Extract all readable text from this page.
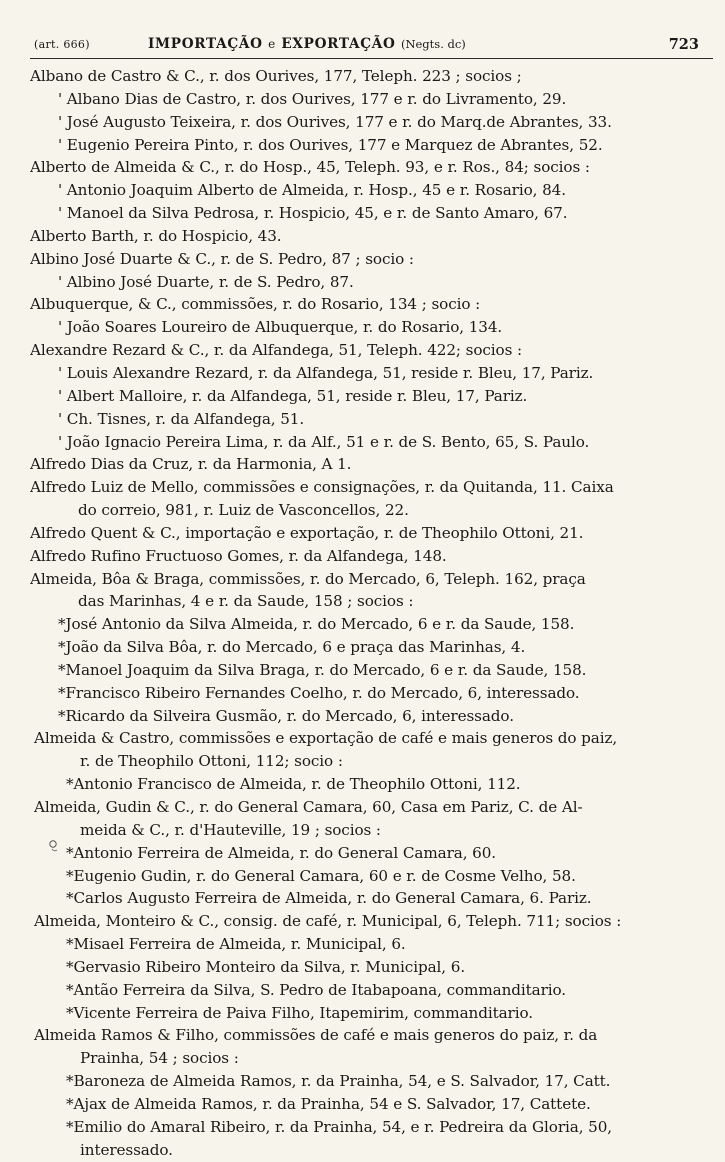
(art. 666)	IMPORTAÇÃO e EXPORTAÇÃO (Negts. dc)	723
Albano de Castro & C., r. dos Ourives, 177, Teleph. 223 ; socios ;
' Albano Dias de Castro, r. dos Ourives, 177 e r. do Livramento, 29.
' José Augusto Teixeira, r. dos Ourives, 177 e r. do Marq.de Abrantes, 33.
' Eugenio Pereira Pinto, r. dos Ourives, 177 e Marquez de Abrantes, 52.
Alberto de Almeida & C., r. do Hosp., 45, Teleph. 93, e r. Ros., 84; socios :
' Antonio Joaquim Alberto de Almeida, r. Hosp., 45 e r. Rosario, 84.
' Manoel da Silva Pedrosa, r. Hospicio, 45, e r. de Santo Amaro, 67.
Alberto Barth, r. do Hospicio, 43.
Albino José Duarte & C., r. de S. Pedro, 87 ; socio :
' Albino José Duarte, r. de S. Pedro, 87.
Albuquerque, & C., commissões, r. do Rosario, 134 ; socio :
' João Soares Loureiro de Albuquerque, r. do Rosario, 134.
Alexandre Rezard & C., r. da Alfandega, 51, Teleph. 422; socios :
' Louis Alexandre Rezard, r. da Alfandega, 51, reside r. Bleu, 17, Pariz.
' Albert Malloire, r. da Alfandega, 51, reside r. Bleu, 17, Pariz.
' Ch. Tisnes, r. da Alfandega, 51.
' João Ignacio Pereira Lima, r. da Alf., 51 e r. de S. Bento, 65, S. Paulo.
Alfredo Dias da Cruz, r. da Harmonia, A 1.
Alfredo Luiz de Mello, commissões e consignações, r. da Quitanda, 11. Caixa
do correio, 981, r. Luiz de Vasconcellos, 22.
Alfredo Quent & C., importação e exportação, r. de Theophilo Ottoni, 21.
Alfredo Rufino Fructuoso Gomes, r. da Alfandega, 148.
Almeida, Bôa & Braga, commissões, r. do Mercado, 6, Teleph. 162, praça
das Marinhas, 4 e r. da Saude, 158 ; socios :
*José Antonio da Silva Almeida, r. do Mercado, 6 e r. da Saude, 158.
*João da Silva Bôa, r. do Mercado, 6 e praça das Marinhas, 4.
*Manoel Joaquim da Silva Braga, r. do Mercado, 6 e r. da Saude, 158.
*Francisco Ribeiro Fernandes Coelho, r. do Mercado, 6, interessado.
*Ricardo da Silveira Gusmão, r. do Mercado, 6, interessado.
Almeida & Castro, commissões e exportação de café e mais generos do paiz,
r. de Theophilo Ottoni, 112; socio :
*Antonio Francisco de Almeida, r. de Theophilo Ottoni, 112.
Almeida, Gudin & C., r. do General Camara, 60, Casa em Pariz, C. de Al-
meida & C., r. d'Hauteville, 19 ; socios :
*Antonio Ferreira de Almeida, r. do General Camara, 60.
*Eugenio Gudin, r. do General Camara, 60 e r. de Cosme Velho, 58.
*Carlos Augusto Ferreira de Almeida, r. do General Camara, 6. Pariz.
Almeida, Monteiro & C., consig. de café, r. Municipal, 6, Teleph. 711; socios :
*Misael Ferreira de Almeida, r. Municipal, 6.
*Gervasio Ribeiro Monteiro da Silva, r. Municipal, 6.
*Antão Ferreira da Silva, S. Pedro de Itabapoana, commanditario.
*Vicente Ferreira de Paiva Filho, Itapemirim, commanditario.
Almeida Ramos & Filho, commissões de café e mais generos do paiz, r. da
Prainha, 54 ; socios :
*Baroneza de Almeida Ramos, r. da Prainha, 54, e S. Salvador, 17, Catt.
*Ajax de Almeida Ramos, r. da Prainha, 54 e S. Salvador, 17, Cattete.
*Emilio do Amaral Ribeiro, r. da Prainha, 54, e r. Pedreira da Gloria, 50,
interessado.
